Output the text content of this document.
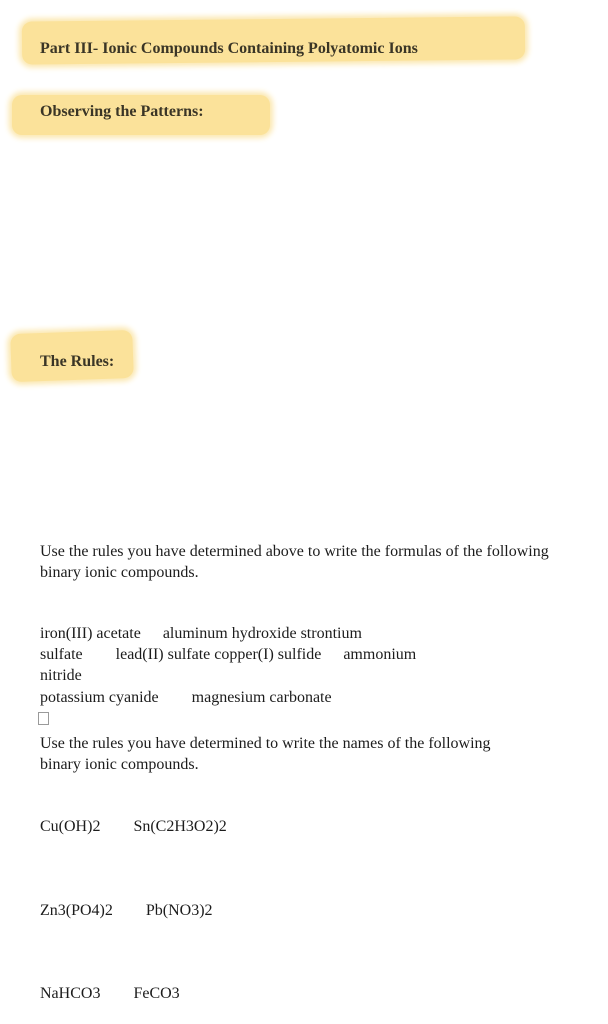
Part III- Ionic Compounds Containing Polyatomic Ions
Observing the Patterns:
The Rules:
Use the rules you have determined above to write the formulas of the following binary ionic compounds.
iron(III) acetate aluminum hydroxide strontium
sulfate lead(II) sulfate copper(I) sulfide ammonium
nitride
potassium cyanide magnesium carbonate
Use the rules you have determined to write the names of the following binary ionic compounds.
Cu(OH)2 Sn(C2H3O2)2
Zn3(PO4)2 Pb(NO3)2
NaHCO3 FeCO3
